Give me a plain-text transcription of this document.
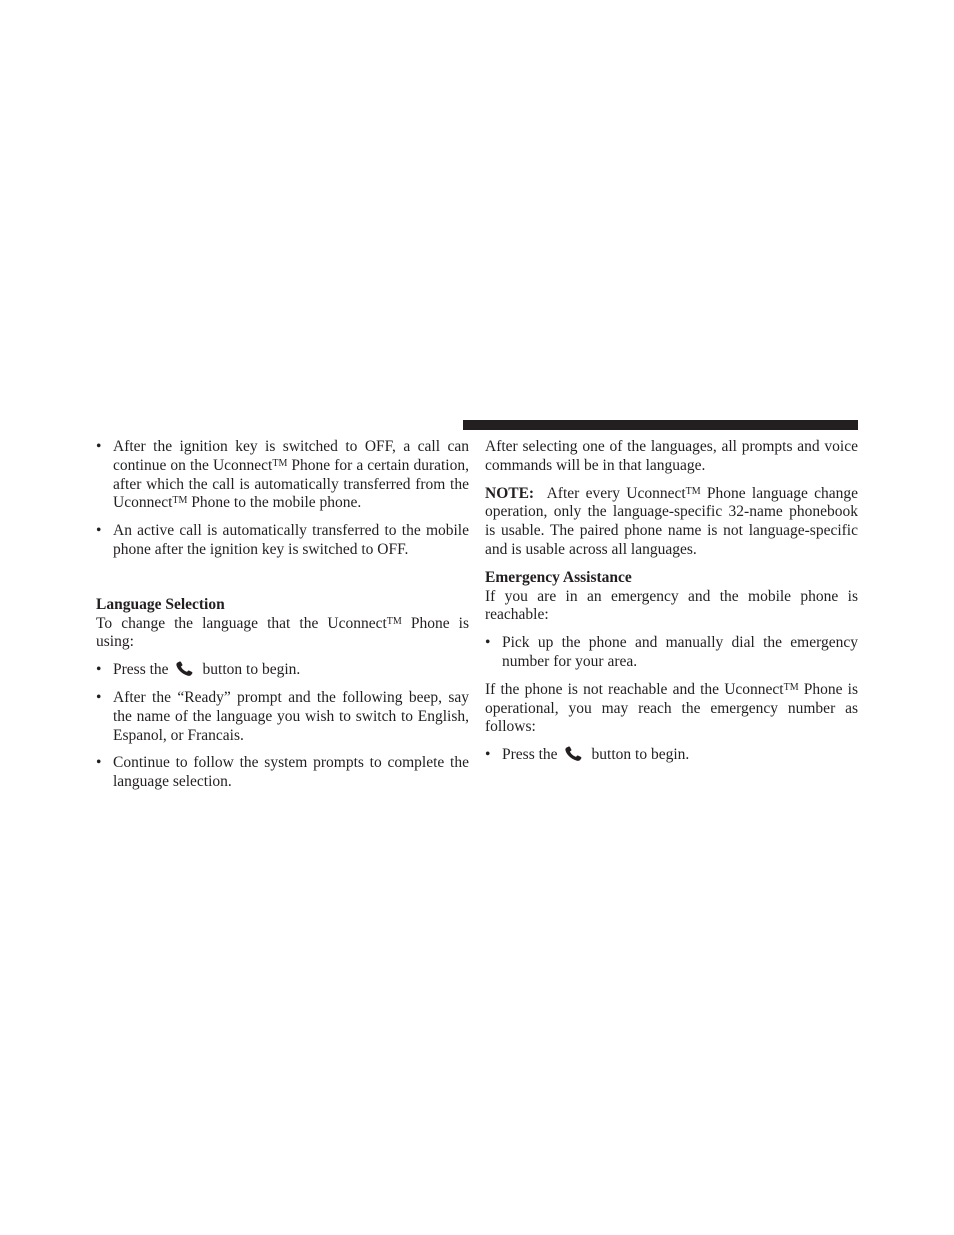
• After the ignition key is switched to OFF, a call can continue on the Uconnect™ Phone for a certain duration, after which the call is automatically transferred from the Uconnect™ Phone to the mobile phone.
• An active call is automatically transferred to the mobile phone after the ignition key is switched to OFF.
Language Selection

To change the language that the Uconnect™ Phone is using:

• Press the button to begin.
• After the “Ready” prompt and the following beep, say the name of the language you wish to switch to English, Espanol, or Francais.
• Continue to follow the system prompts to complete the language selection.

After selecting one of the languages, all prompts and voice commands will be in that language.

NOTE: After every Uconnect™ Phone language change operation, only the language-specific 32-name phonebook is usable. The paired phone name is not language-specific and is usable across all languages.

Emergency Assistance

If you are in an emergency and the mobile phone is reachable:

• Pick up the phone and manually dial the emergency number for your area.

If the phone is not reachable and the Uconnect™ Phone is operational, you may reach the emergency number as follows:

• Press the button to begin.
